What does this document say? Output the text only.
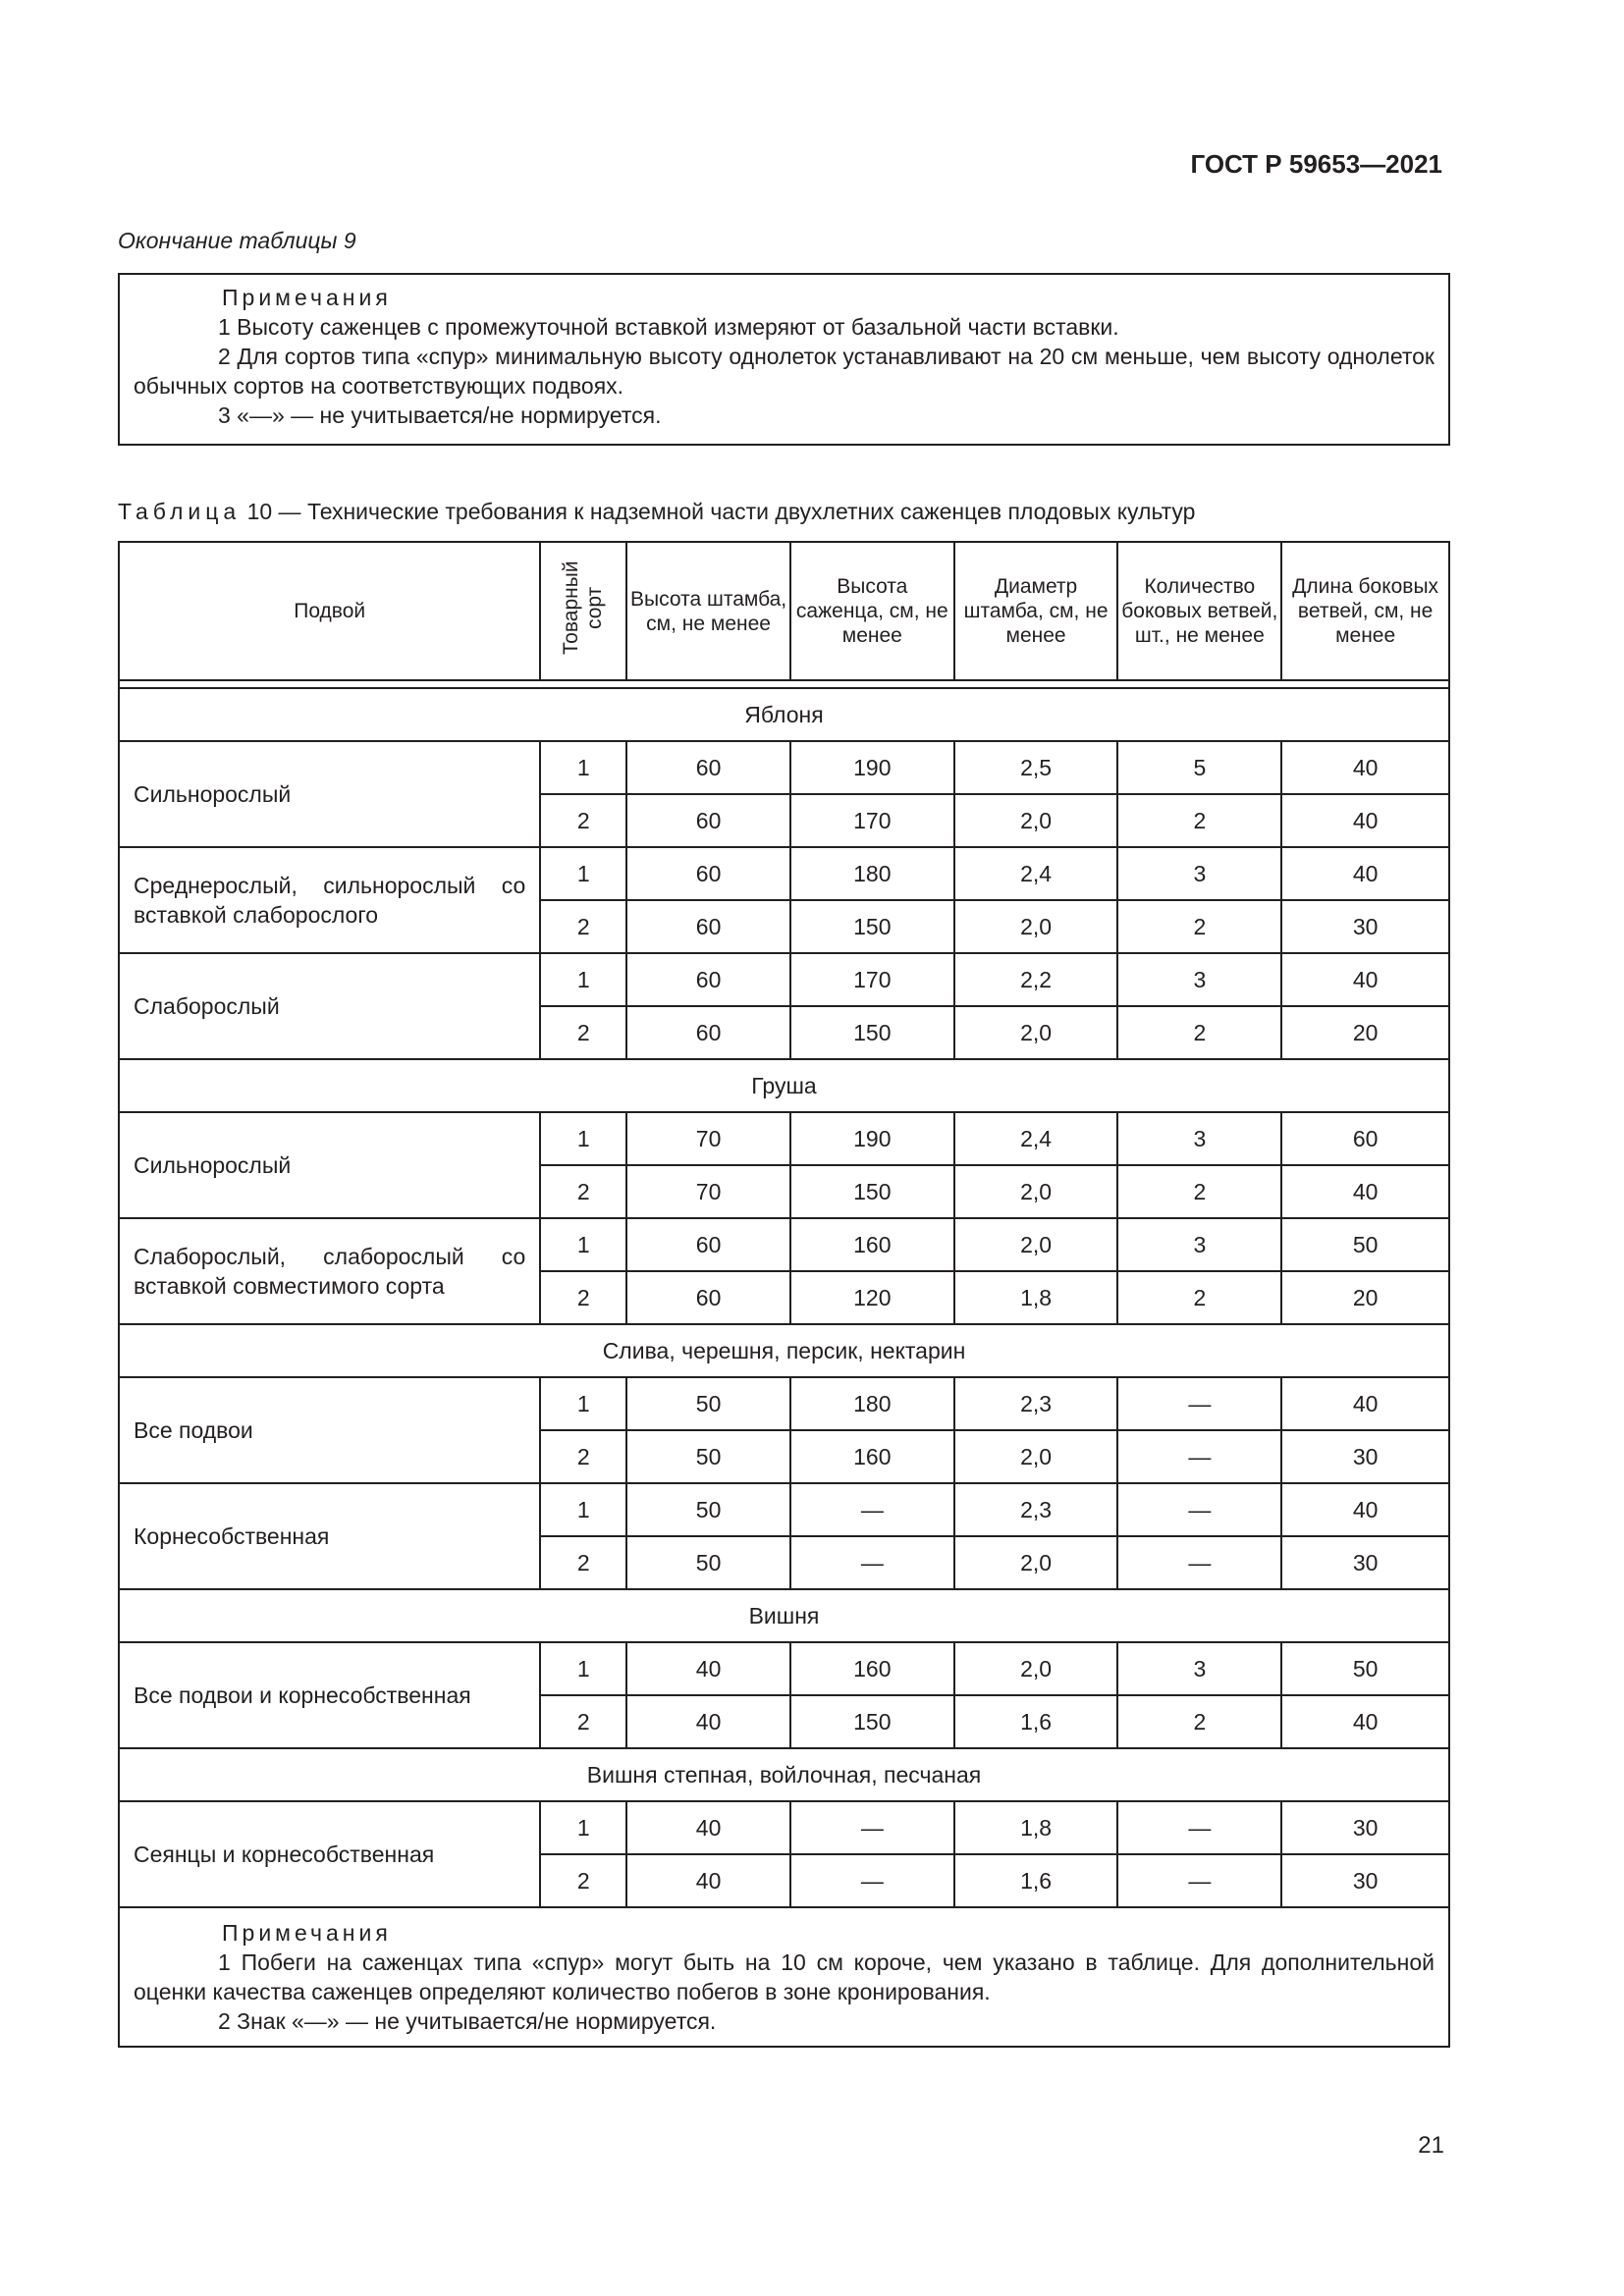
ГОСТ Р 59653—2021
Окончание таблицы 9
Примечания
1 Высоту саженцев с промежуточной вставкой измеряют от базальной части вставки.
2 Для сортов типа «спур» минимальную высоту однолеток устанавливают на 20 см меньше, чем высоту однолеток обычных сортов на соответствующих подвоях.
3 «—» — не учитывается/не нормируется.
Таблица 10 — Технические требования к надземной части двухлетних саженцев плодовых культур
Подвой	Товарный сорт	Высота штамба, см, не менее	Высота саженца, см, не менее	Диаметр штамба, см, не менее	Количество боковых ветвей, шт., не менее	Длина боковых ветвей, см, не менее

Яблоня						
Сильнорослый	1	60	190	2,5	5	40
	2	60	170	2,0	2	40
Среднерослый, сильнорослый со вставкой слаборослого	1	60	180	2,4	3	40
	2	60	150	2,0	2	30
Слаборослый	1	60	170	2,2	3	40
	2	60	150	2,0	2	20
Груша						
Сильнорослый	1	70	190	2,4	3	60
	2	70	150	2,0	2	40
Слаборослый, слаборослый со вставкой совместимого сорта	1	60	160	2,0	3	50
	2	60	120	1,8	2	20
Слива, черешня, персик, нектарин						
Все подвои	1	50	180	2,3	—	40
	2	50	160	2,0	—	30
Корнесобственная	1	50	—	2,3	—	40
	2	50	—	2,0	—	30
Вишня						
Все подвои и корнесобственная	1	40	160	2,0	3	50
	2	40	150	1,6	2	40
Вишня степная, войлочная, песчаная						
Сеянцы и корнесобственная	1	40	—	1,8	—	30
	2	40	—	1,6	—	30
Примечания
1 Побеги на саженцах типа «спур» могут быть на 10 см короче, чем указано в таблице. Для дополнительной оценки качества саженцев определяют количество побегов в зоне кронирования.
2 Знак «—» — не учитывается/не нормируется.
21
